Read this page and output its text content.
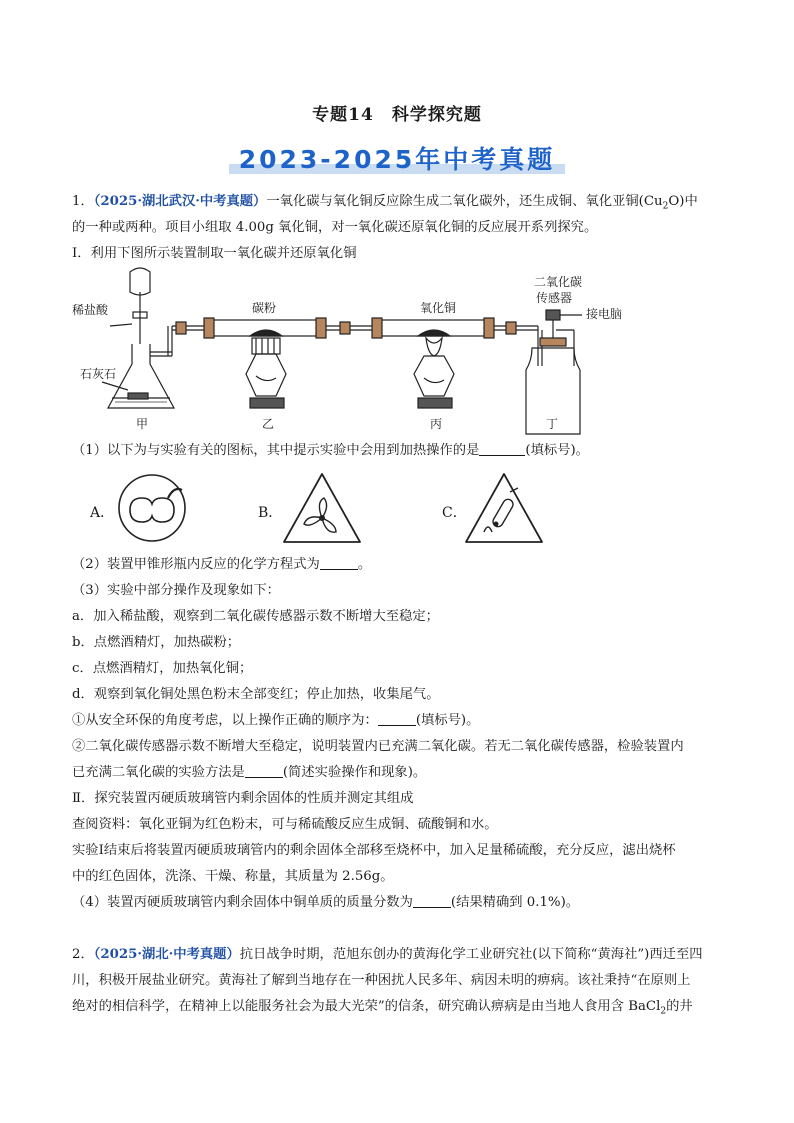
专题14　科学探究题
2023-2025年中考真题
1．（2025·湖北武汉·中考真题）一氧化碳与氧化铜反应除生成二氧化碳外，还生成铜、氧化亚铜$(Cu_2O)$中
的一种或两种。项目小组取 4.00g 氧化铜，对一氧化碳还原氧化铜的反应展开系列探究。
Ⅰ．利用下图所示装置制取一氧化碳并还原氧化铜
稀盐酸
石灰石
碳粉	氧化铜
二氧化碳
传感器
接电脑
甲	乙	丙	丁
（1）以下为与实验有关的图标，其中提示实验中会用到加热操作的是	(填标号)。
A．	B．	C．
（2）装置甲锥形瓶内反应的化学方程式为	。
（3）实验中部分操作及现象如下：
a．加入稀盐酸，观察到二氧化碳传感器示数不断增大至稳定；
b．点燃酒精灯，加热碳粉；
c．点燃酒精灯，加热氧化铜；
d．观察到氧化铜处黑色粉末全部变红；停止加热，收集尾气。
①从安全环保的角度考虑，以上操作正确的顺序为：	(填标号)。
②二氧化碳传感器示数不断增大至稳定，说明装置内已充满二氧化碳。若无二氧化碳传感器，检验装置内
已充满二氧化碳的实验方法是	(简述实验操作和现象)。
Ⅱ．探究装置丙硬质玻璃管内剩余固体的性质并测定其组成
查阅资料：氧化亚铜为红色粉末，可与稀硫酸反应生成铜、硫酸铜和水。
实验Ⅰ结束后将装置丙硬质玻璃管内的剩余固体全部移至烧杯中，加入足量稀硫酸，充分反应，滤出烧杯
中的红色固体，洗涤、干燥、称量，其质量为 2.56g。
（4）装置丙硬质玻璃管内剩余固体中铜单质的质量分数为	(结果精确到 0.1%)。
2．（2025·湖北·中考真题）抗日战争时期，范旭东创办的黄海化学工业研究社(以下简称“黄海社”)西迁至四
川，积极开展盐业研究。黄海社了解到当地存在一种困扰人民多年、病因未明的痹病。该社秉持“在原则上
绝对的相信科学，在精神上以能服务社会为最大光荣”的信条，研究确认痹病是由当地人食用含 BaCl$_2$的井
